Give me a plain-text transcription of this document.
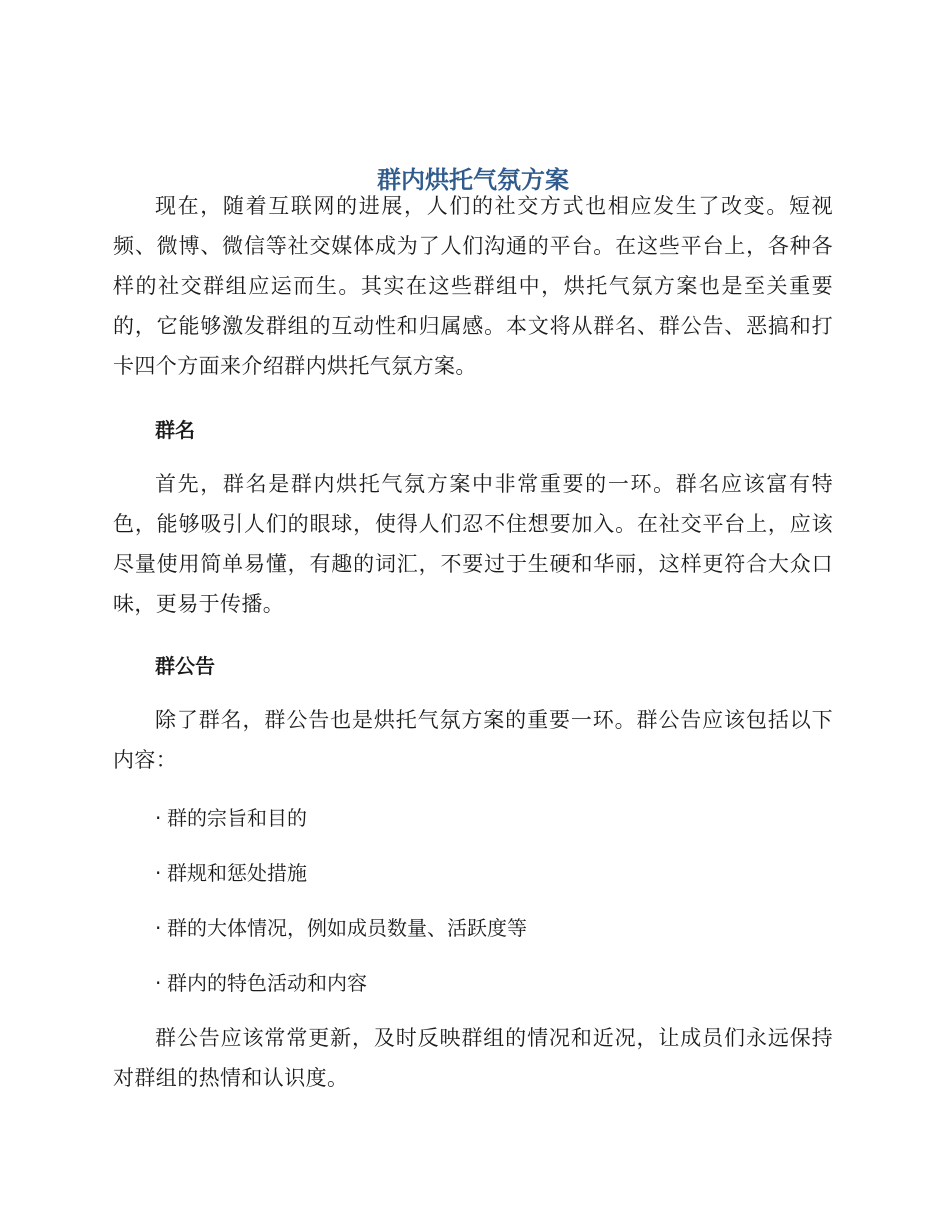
群内烘托气氛方案

现在，随着互联网的进展，人们的社交方式也相应发生了改变。短视频、微博、微信等社交媒体成为了人们沟通的平台。在这些平台上，各种各样的社交群组应运而生。其实在这些群组中，烘托气氛方案也是至关重要的，它能够激发群组的互动性和归属感。本文将从群名、群公告、恶搞和打卡四个方面来介绍群内烘托气氛方案。

群名

首先，群名是群内烘托气氛方案中非常重要的一环。群名应该富有特色，能够吸引人们的眼球，使得人们忍不住想要加入。在社交平台上，应该尽量使用简单易懂，有趣的词汇，不要过于生硬和华丽，这样更符合大众口味，更易于传播。

群公告

除了群名，群公告也是烘托气氛方案的重要一环。群公告应该包括以下内容：

· 群的宗旨和目的

· 群规和惩处措施

· 群的大体情况，例如成员数量、活跃度等

· 群内的特色活动和内容

群公告应该常常更新，及时反映群组的情况和近况，让成员们永远保持对群组的热情和认识度。
